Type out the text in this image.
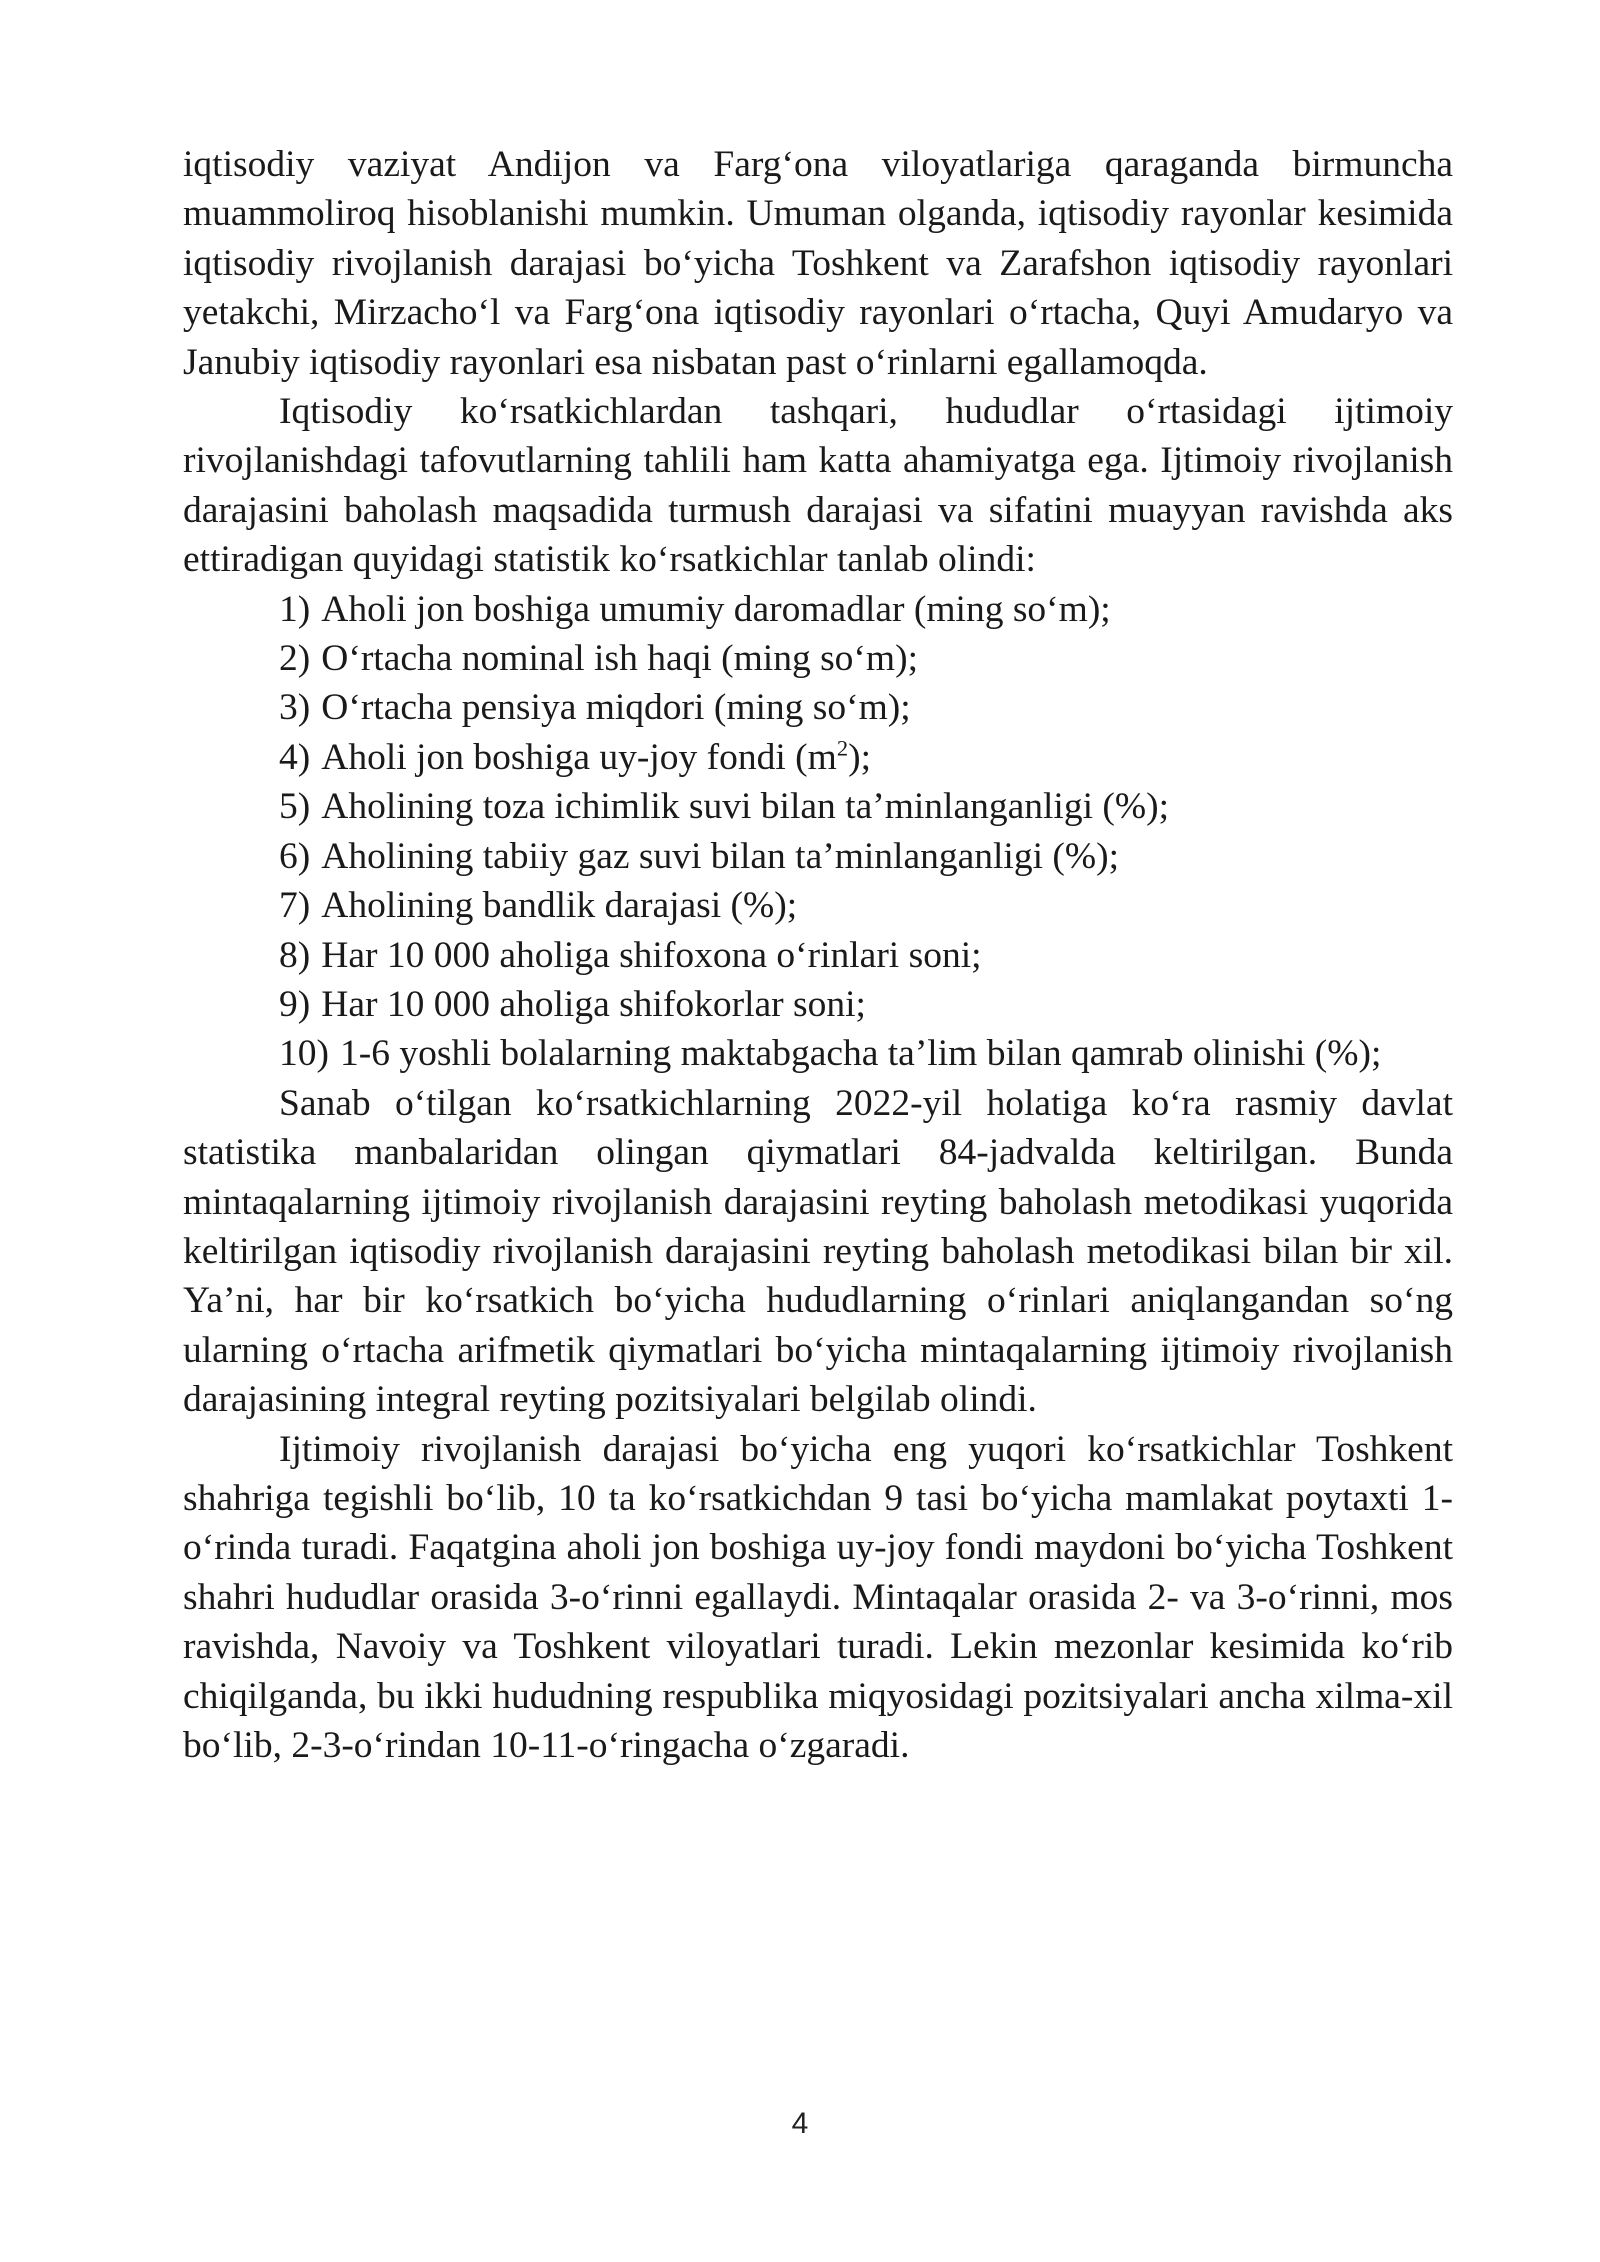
iqtisodiy vaziyat Andijon va Farg‘ona viloyatlariga qaraganda birmuncha muammoliroq hisoblanishi mumkin. Umuman olganda, iqtisodiy rayonlar kesimida iqtisodiy rivojlanish darajasi bo‘yicha Toshkent va Zarafshon iqtisodiy rayonlari yetakchi, Mirzacho‘l va Farg‘ona iqtisodiy rayonlari o‘rtacha, Quyi Amudaryo va Janubiy iqtisodiy rayonlari esa nisbatan past o‘rinlarni egallamoqda.

Iqtisodiy ko‘rsatkichlardan tashqari, hududlar o‘rtasidagi ijtimoiy rivojlanishdagi tafovutlarning tahlili ham katta ahamiyatga ega. Ijtimoiy rivojlanish darajasini baholash maqsadida turmush darajasi va sifatini muayyan ravishda aks ettiradigan quyidagi statistik ko‘rsatkichlar tanlab olindi:

1) Aholi jon boshiga umumiy daromadlar (ming so‘m);
2) O‘rtacha nominal ish haqi (ming so‘m);
3) O‘rtacha pensiya miqdori (ming so‘m);
4) Aholi jon boshiga uy-joy fondi $(m^2)$;
5) Aholining toza ichimlik suvi bilan ta’minlanganligi (%);
6) Aholining tabiiy gaz suvi bilan ta’minlanganligi (%);
7) Aholining bandlik darajasi (%);
8) Har 10 000 aholiga shifoxona o‘rinlari soni;
9) Har 10 000 aholiga shifokorlar soni;
10) 1-6 yoshli bolalarning maktabgacha ta’lim bilan qamrab olinishi (%);

Sanab o‘tilgan ko‘rsatkichlarning 2022-yil holatiga ko‘ra rasmiy davlat statistika manbalaridan olingan qiymatlari 84-jadvalda keltirilgan. Bunda mintaqalarning ijtimoiy rivojlanish darajasini reyting baholash metodikasi yuqorida keltirilgan iqtisodiy rivojlanish darajasini reyting baholash metodikasi bilan bir xil. Ya’ni, har bir ko‘rsatkich bo‘yicha hududlarning o‘rinlari aniqlangandan so‘ng ularning o‘rtacha arifmetik qiymatlari bo‘yicha mintaqalarning ijtimoiy rivojlanish darajasining integral reyting pozitsiyalari belgilab olindi.

Ijtimoiy rivojlanish darajasi bo‘yicha eng yuqori ko‘rsatkichlar Toshkent shahriga tegishli bo‘lib, 10 ta ko‘rsatkichdan 9 tasi bo‘yicha mamlakat poytaxti 1-o‘rinda turadi. Faqatgina aholi jon boshiga uy-joy fondi maydoni bo‘yicha Toshkent shahri hududlar orasida 3-o‘rinni egallaydi. Mintaqalar orasida 2- va 3-o‘rinni, mos ravishda, Navoiy va Toshkent viloyatlari turadi. Lekin mezonlar kesimida ko‘rib chiqilganda, bu ikki hududning respublika miqyosidagi pozitsiyalari ancha xilma-xil bo‘lib, 2-3-o‘rindan 10-11-o‘ringacha o‘zgaradi.

4
